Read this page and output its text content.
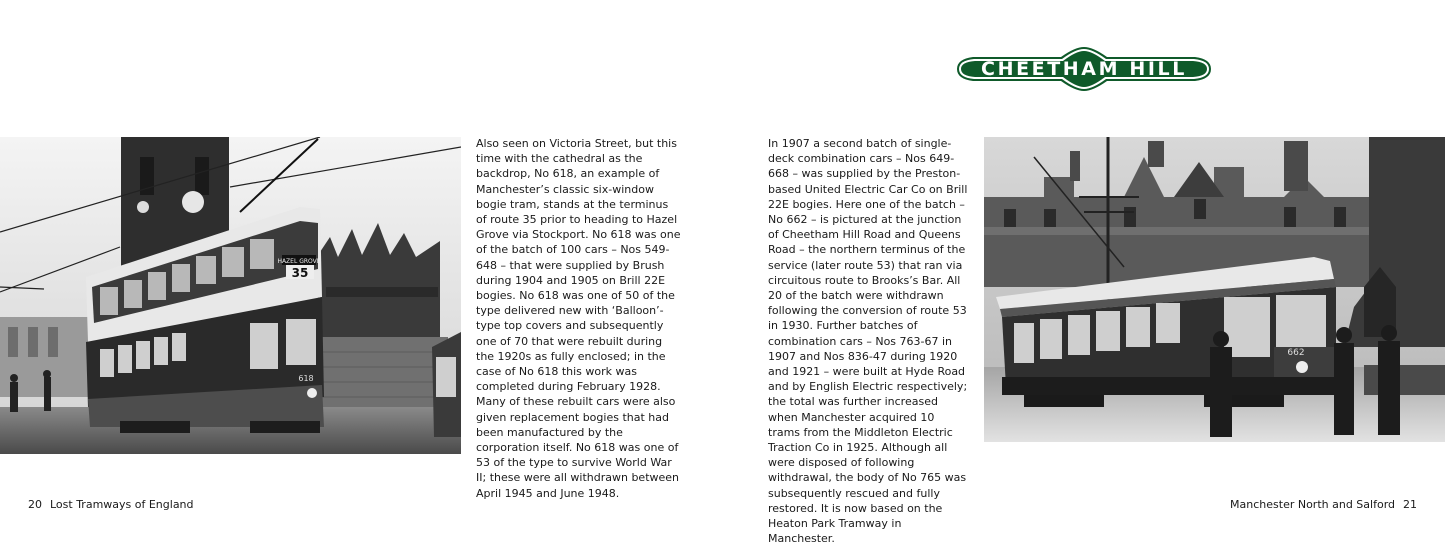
CHEETHAM HILL
HAZEL GROVE
35
618

Also seen on Victoria Street, but this time with the cathedral as the backdrop, No 618, an example of Manchester’s classic six-window bogie tram, stands at the terminus of route 35 prior to heading to Hazel Grove via Stockport. No 618 was one of the batch of 100 cars – Nos 549-648 – that were supplied by Brush during 1904 and 1905 on Brill 22E bogies. No 618 was one of 50 of the type delivered new with ‘Balloon’-type top covers and subsequently one of 70 that were rebuilt during the 1920s as fully enclosed; in the case of No 618 this work was completed during February 1928. Many of these rebuilt cars were also given replacement bogies that had been manufactured by the corporation itself. No 618 was one of 53 of the type to survive World War II; these were all withdrawn between April 1945 and June 1948.

In 1907 a second batch of single-deck combination cars – Nos 649-668 – was supplied by the Preston-based United Electric Car Co on Brill 22E bogies. Here one of the batch – No 662 – is pictured at the junction of Cheetham Hill Road and Queens Road – the northern terminus of the service (later route 53) that ran via circuitous route to Brooks’s Bar. All 20 of the batch were withdrawn following the conversion of route 53 in 1930. Further batches of combination cars – Nos 763-67 in 1907 and Nos 836-47 during 1920 and 1921 – were built at Hyde Road and by English Electric respectively; the total was further increased when Manchester acquired 10 trams from the Middleton Electric Traction Co in 1925. Although all were disposed of following withdrawal, the body of No 765 was subsequently rescued and fully restored. It is now based on the Heaton Park Tramway in Manchester.

662
20 Lost Tramways of England	Manchester North and Salford 21
